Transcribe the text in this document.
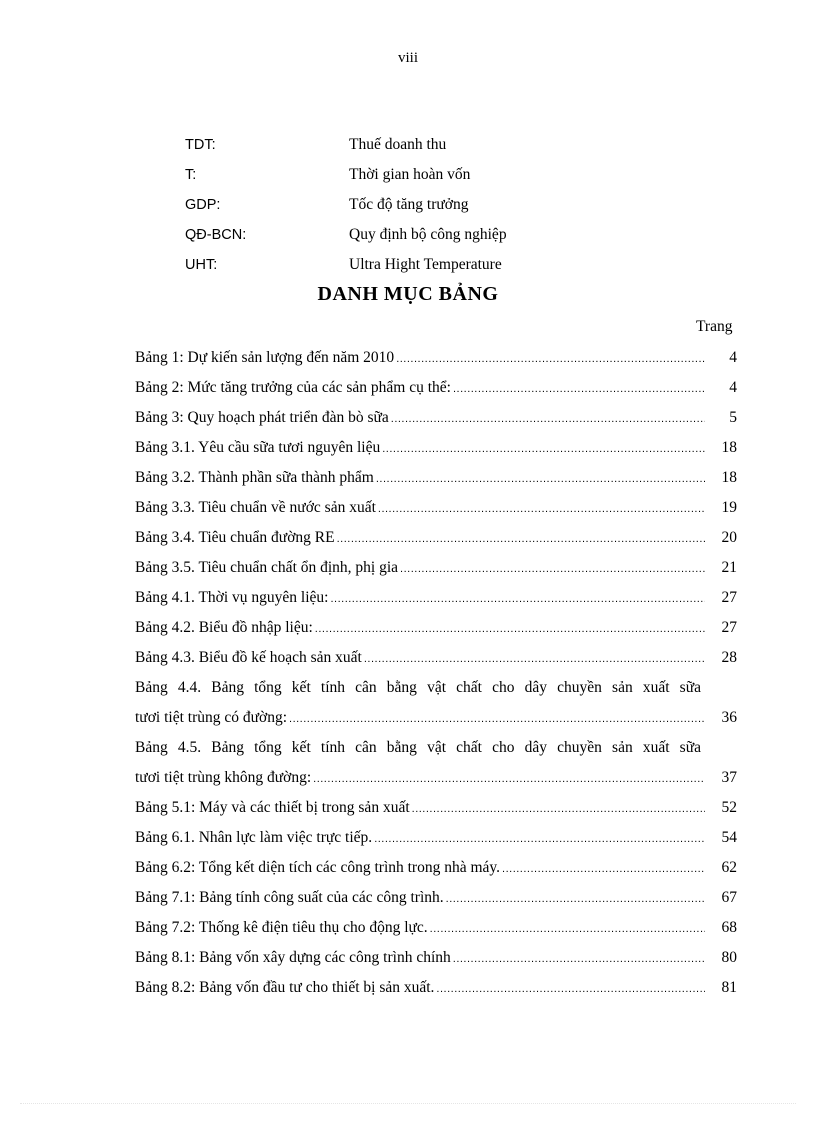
viii
TDT:	Thuế doanh thu
T:	Thời gian hoàn vốn
GDP:	Tốc độ tăng trưởng
QĐ-BCN:	Quy định bộ công nghiệp
UHT:	Ultra Hight Temperature
DANH MỤC BẢNG
Trang
Bảng 1: Dự kiến sản lượng đến năm 2010 .....	4
Bảng 2: Mức tăng trưởng của các sản phẩm cụ thể: .....	4
Bảng 3: Quy hoạch phát triển đàn bò sữa .....	5
Bảng 3.1. Yêu cầu sữa tươi nguyên liệu .....	18
Bảng 3.2. Thành phần sữa thành phẩm .....	18
Bảng 3.3. Tiêu chuẩn về nước sản xuất .....	19
Bảng 3.4. Tiêu chuẩn đường RE .....	20
Bảng 3.5. Tiêu chuẩn chất ổn định, phị gia .....	21
Bảng 4.1. Thời vụ nguyên liệu: .....	27
Bảng 4.2. Biểu đồ nhập liệu: .....	27
Bảng 4.3. Biểu đồ kế hoạch sản xuất .....	28
Bảng 4.4. Bảng tổng kết tính cân bằng vật chất cho dây chuyền sản xuất sữa
tươi tiệt trùng có đường: .....	36
Bảng 4.5. Bảng tổng kết tính cân bằng vật chất cho dây chuyền sản xuất sữa
tươi tiệt trùng không đường: .....	37
Bảng 5.1: Máy và các thiết bị trong sản xuất .....	52
Bảng 6.1. Nhân lực làm việc trực tiếp. .....	54
Bảng 6.2: Tổng kết diện tích các công trình trong nhà máy. .....	62
Bảng 7.1: Bảng tính công suất của các công trình. .....	67
Bảng 7.2: Thống kê điện tiêu thụ cho động lực. .....	68
Bảng 8.1: Bảng vốn xây dựng các công trình chính .....	80
Bảng 8.2: Bảng vốn đầu tư cho thiết bị sản xuất. .....	81
